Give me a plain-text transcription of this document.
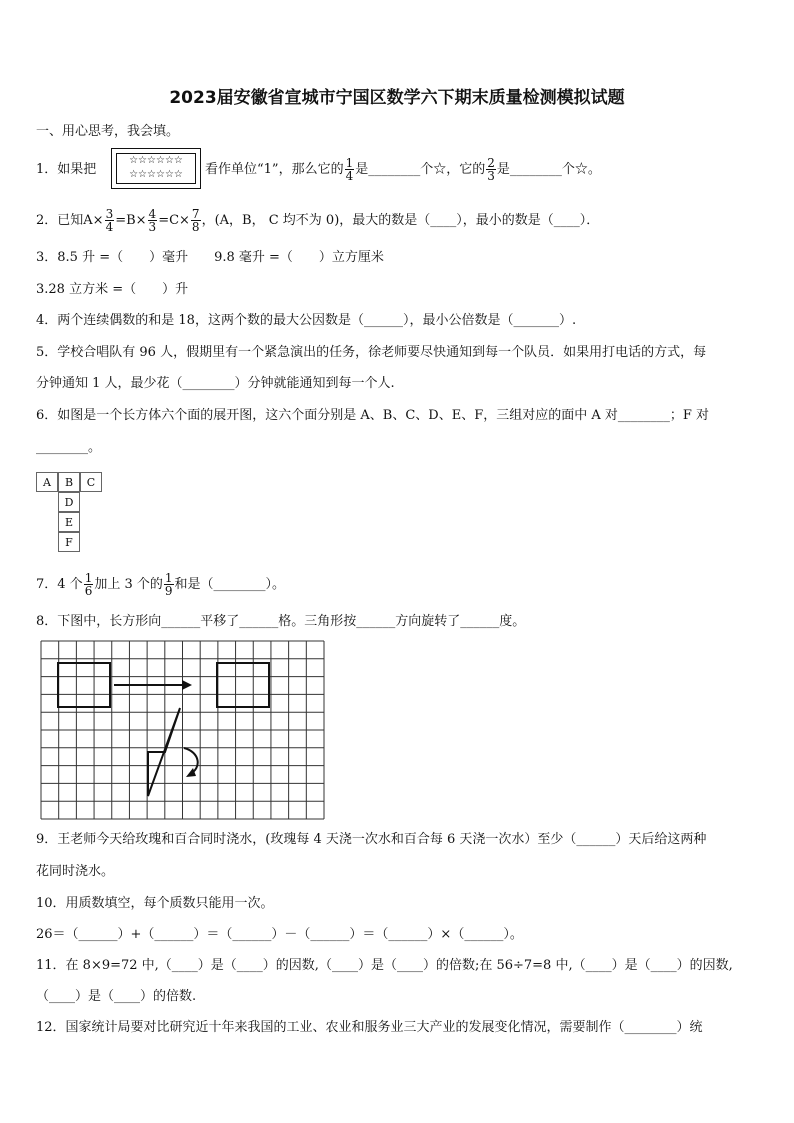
2023届安徽省宣城市宁国区数学六下期末质量检测模拟试题
一、用心思考，我会填。
1．如果把
☆☆☆☆☆☆
☆☆☆☆☆☆	看作单位“1”，那么它的 $\frac{1}{4}$ 是________个☆，它的 $\frac{2}{3}$ 是________个☆。
2．已知$A\times \frac{3}{4} =B\times \frac{4}{3} =C\times \frac{7}{8}$ ，(A，B， C 均不为 0)，最大的数是（____），最小的数是（____）．
3．8.5 升 =（　　）毫升　　9.8 毫升 =（　　）立方厘米
3.28 立方米 =（　　）升
4．两个连续偶数的和是 18，这两个数的最大公因数是（______），最小公倍数是（_______）.
5．学校合唱队有 96 人，假期里有一个紧急演出的任务，徐老师要尽快通知到每一个队员．如果用打电话的方式，每
分钟通知 1 人，最少花（________）分钟就能通知到每一个人.
6．如图是一个长方体六个面的展开图，这六个面分别是 A、B、C、D、E、F，三组对应的面中 A 对________；F 对
________。
A	B	C
D
E
F
7．4 个 $\frac{1}{6}$ 加上 3 个的 $\frac{1}{9}$ 和是（________）。
8．下图中，长方形向______平移了______格。三角形按______方向旋转了______度。
9．王老师今天给玫瑰和百合同时浇水，(玫瑰每 4 天浇一次水和百合每 6 天浇一次水）至少（______）天后给这两种
花同时浇水。
10．用质数填空，每个质数只能用一次。
26＝（______）+（______）＝（______）－（______）＝（______）×（______）。
11．在 8×9=72 中,（____）是（____）的因数,（____）是（____）的倍数;在 56÷7=8 中,（____）是（____）的因数,
（____）是（____）的倍数.
12．国家统计局要对比研究近十年来我国的工业、农业和服务业三大产业的发展变化情况，需要制作（________）统
